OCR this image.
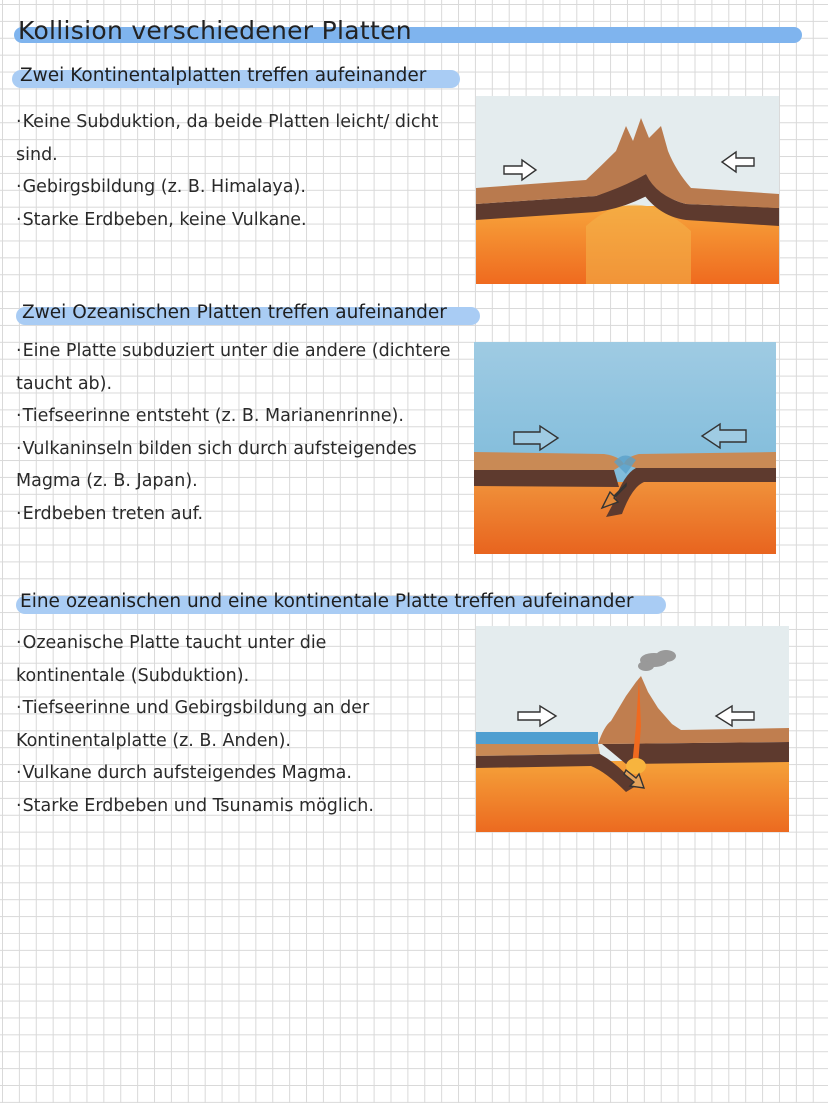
Kollision verschiedener Platten
Zwei Kontinentalplatten treffen aufeinander
· Keine Subduktion, da beide Platten leicht/ dicht sind.
· Gebirgsbildung (z. B. Himalaya).
· Starke Erdbeben, keine Vulkane.
Zwei Ozeanischen Platten treffen aufeinander
· Eine Platte subduziert unter die andere (dichtere taucht ab).
· Tiefseerinne entsteht (z. B. Marianenrinne).
· Vulkaninseln bilden sich durch aufsteigendes Magma (z. B. Japan).
· Erdbeben treten auf.
Eine ozeanischen und eine kontinentale Platte treffen aufeinander
· Ozeanische Platte taucht unter die kontinentale (Subduktion).
· Tiefseerinne und Gebirgsbildung an der Kontinentalplatte (z. B. Anden).
· Vulkane durch aufsteigendes Magma.
· Starke Erdbeben und Tsunamis möglich.
